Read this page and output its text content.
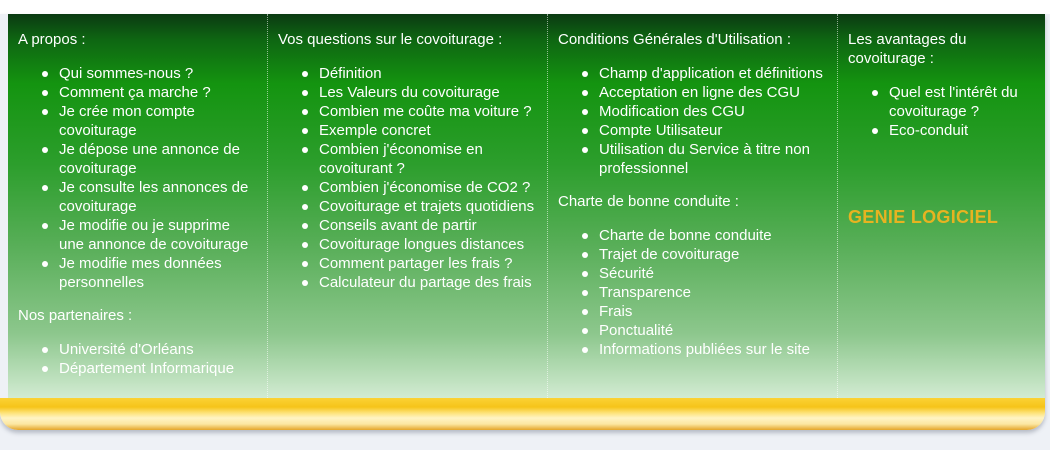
A propos :
Qui sommes-nous ?
Comment ça marche ?
Je crée mon compte covoiturage
Je dépose une annonce de covoiturage
Je consulte les annonces de covoiturage
Je modifie ou je supprime une annonce de covoiturage
Je modifie mes données personnelles
Nos partenaires :
Université d'Orléans
Département Informarique
Vos questions sur le covoiturage :
Définition
Les Valeurs du covoiturage
Combien me coûte ma voiture ?
Exemple concret
Combien j'économise en covoiturant ?
Combien j'économise de CO2 ?
Covoiturage et trajets quotidiens
Conseils avant de partir
Covoiturage longues distances
Comment partager les frais ?
Calculateur du partage des frais
Conditions Générales d'Utilisation :
Champ d'application et définitions
Acceptation en ligne des CGU
Modification des CGU
Compte Utilisateur
Utilisation du Service à titre non professionnel
Charte de bonne conduite :
Charte de bonne conduite
Trajet de covoiturage
Sécurité
Transparence
Frais
Ponctualité
Informations publiées sur le site
Les avantages du covoiturage :
Quel est l'intérêt du covoiturage ?
Eco-conduit
GENIE LOGICIEL
